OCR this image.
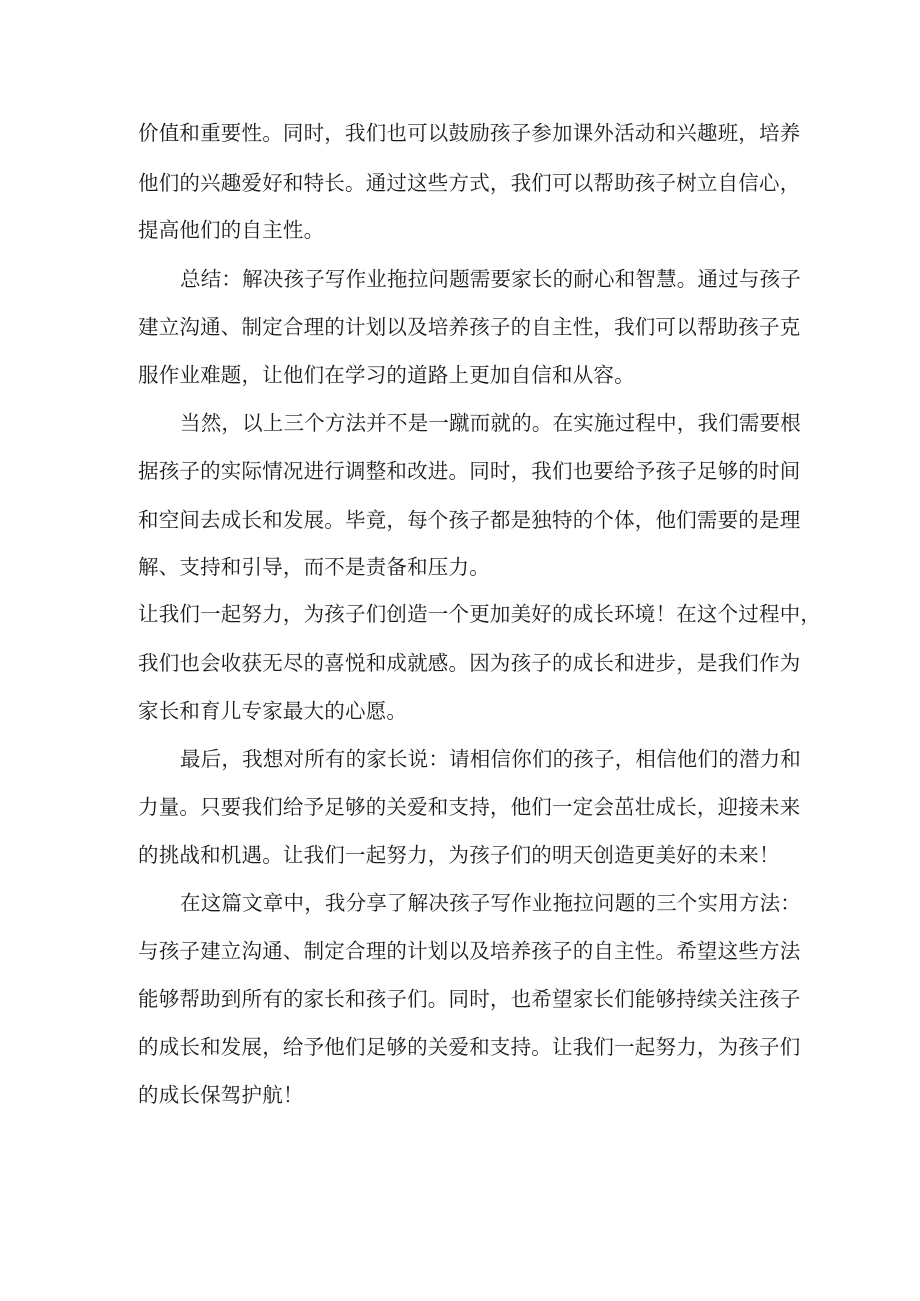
价值和重要性。同时，我们也可以鼓励孩子参加课外活动和兴趣班，培养
他们的兴趣爱好和特长。通过这些方式，我们可以帮助孩子树立自信心，
提高他们的自主性。
总结：解决孩子写作业拖拉问题需要家长的耐心和智慧。通过与孩子
建立沟通、制定合理的计划以及培养孩子的自主性，我们可以帮助孩子克
服作业难题，让他们在学习的道路上更加自信和从容。
当然，以上三个方法并不是一蹴而就的。在实施过程中，我们需要根
据孩子的实际情况进行调整和改进。同时，我们也要给予孩子足够的时间
和空间去成长和发展。毕竟，每个孩子都是独特的个体，他们需要的是理
解、支持和引导，而不是责备和压力。
让我们一起努力，为孩子们创造一个更加美好的成长环境！在这个过程中，
我们也会收获无尽的喜悦和成就感。因为孩子的成长和进步，是我们作为
家长和育儿专家最大的心愿。
最后，我想对所有的家长说：请相信你们的孩子，相信他们的潜力和
力量。只要我们给予足够的关爱和支持，他们一定会茁壮成长，迎接未来
的挑战和机遇。让我们一起努力，为孩子们的明天创造更美好的未来！
在这篇文章中，我分享了解决孩子写作业拖拉问题的三个实用方法：
与孩子建立沟通、制定合理的计划以及培养孩子的自主性。希望这些方法
能够帮助到所有的家长和孩子们。同时，也希望家长们能够持续关注孩子
的成长和发展，给予他们足够的关爱和支持。让我们一起努力，为孩子们
的成长保驾护航！
